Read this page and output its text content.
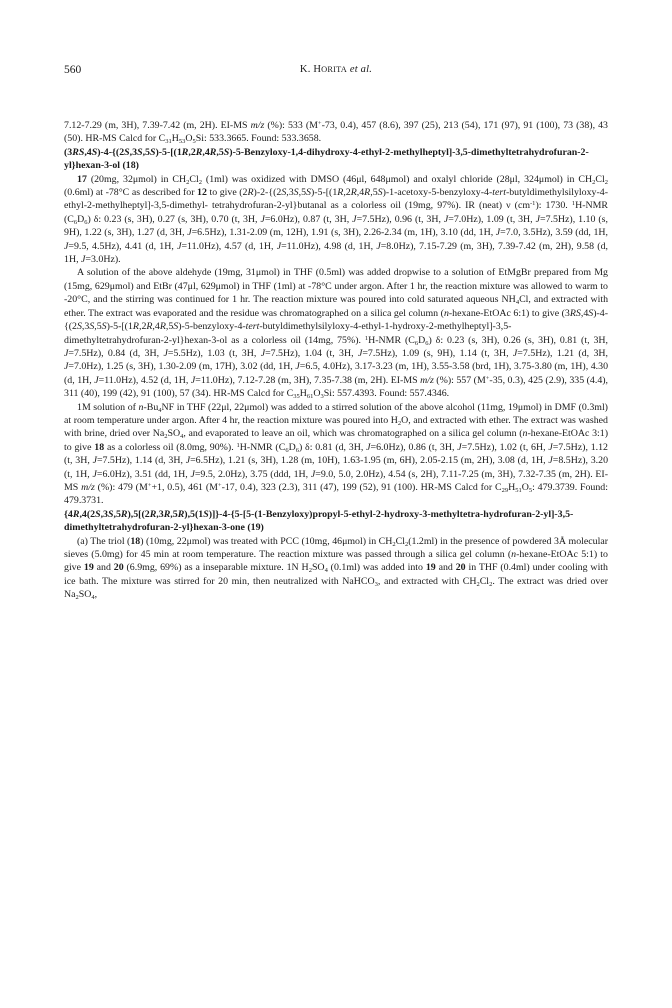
560	K. HORITA et al.

7.12-7.29 (m, 3H), 7.39-7.42 (m, 2H). EI-MS m/z (%): 533 (M+-73, 0.4), 457 (8.6), 397 (25), 213 (54), 171 (97), 91 (100), 73 (38), 43 (50). HR-MS Calcd for $C_{31}H_{53}O_5Si$: 533.3665. Found: 533.3658.

(3RS,4S)-4-{(2S,3S,5S)-5-[(1R,2R,4R,5S)-5-Benzyloxy-1,4-dihydroxy-4-ethyl-2-methylheptyl]-3,5-dimethyltetrahydrofuran-2-yl}hexan-3-ol (18)

17 (20mg, 32μmol) in $CH_2Cl_2$ (1ml) was oxidized with DMSO (46μl, 648μmol) and oxalyl chloride (28μl, 324μmol) in $CH_2Cl_2$ (0.6ml) at -78°C as described for 12 to give (2R)-2-{(2S,3S,5S)-5-[(1R,2R,4R,5S)-1-acetoxy-5-benzyloxy-4-tert-butyldimethylsilyloxy-4-ethyl-2-methylheptyl]-3,5-dimethyl- tetrahydrofuran-2-yl}butanal as a colorless oil (19mg, 97%). IR (neat) ν $(cm^{-1})$: 1730. $^1$H-NMR $(C_6D_6)$ δ: 0.23 (s, 3H), 0.27 (s, 3H), 0.70 (t, 3H, J=6.0Hz), 0.87 (t, 3H, J=7.5Hz), 0.96 (t, 3H, J=7.0Hz), 1.09 (t, 3H, J=7.5Hz), 1.10 (s, 9H), 1.22 (s, 3H), 1.27 (d, 3H, J=6.5Hz), 1.31-2.09 (m, 12H), 1.91 (s, 3H), 2.26-2.34 (m, 1H), 3.10 (dd, 1H, J=7.0, 3.5Hz), 3.59 (dd, 1H, J=9.5, 4.5Hz), 4.41 (d, 1H, J=11.0Hz), 4.57 (d, 1H, J=11.0Hz), 4.98 (d, 1H, J=8.0Hz), 7.15-7.29 (m, 3H), 7.39-7.42 (m, 2H), 9.58 (d, 1H, J=3.0Hz).

A solution of the above aldehyde (19mg, 31μmol) in THF (0.5ml) was added dropwise to a solution of EtMgBr prepared from Mg (15mg, 629μmol) and EtBr (47μl, 629μmol) in THF (1ml) at -78°C under argon. After 1 hr, the reaction mixture was allowed to warm to -20°C, and the stirring was continued for 1 hr. The reaction mixture was poured into cold saturated aqueous $NH_4Cl$, and extracted with ether. The extract was evaporated and the residue was chromatographed on a silica gel column (n-hexane-EtOAc 6:1) to give (3RS,4S)-4-{(2S,3S,5S)-5-[(1R,2R,4R,5S)-5-benzyloxy-4-tert-butyldimethylsilyloxy-4-ethyl-1-hydroxy-2-methylheptyl]-3,5-dimethyltetrahydrofuran-2-yl}hexan-3-ol as a colorless oil (14mg, 75%). $^1$H-NMR $(C_6D_6)$ δ: 0.23 (s, 3H), 0.26 (s, 3H), 0.81 (t, 3H, J=7.5Hz), 0.84 (d, 3H, J=5.5Hz), 1.03 (t, 3H, J=7.5Hz), 1.04 (t, 3H, J=7.5Hz), 1.09 (s, 9H), 1.14 (t, 3H, J=7.5Hz), 1.21 (d, 3H, J=7.0Hz), 1.25 (s, 3H), 1.30-2.09 (m, 17H), 3.02 (dd, 1H, J=6.5, 4.0Hz), 3.17-3.23 (m, 1H), 3.55-3.58 (brd, 1H), 3.75-3.80 (m, 1H), 4.30 (d, 1H, J=11.0Hz), 4.52 (d, 1H, J=11.0Hz), 7.12-7.28 (m, 3H), 7.35-7.38 (m, 2H). EI-MS m/z (%): 557 (M+-35, 0.3), 425 (2.9), 335 (4.4), 311 (40), 199 (42), 91 (100), 57 (34). HR-MS Calcd for $C_{35}H_{61}O_3Si$: 557.4393. Found: 557.4346.

1M solution of $n-Bu_4NF$ in THF (22μl, 22μmol) was added to a stirred solution of the above alcohol (11mg, 19μmol) in DMF (0.3ml) at room temperature under argon. After 4 hr, the reaction mixture was poured into $H_2O$, and extracted with ether. The extract was washed with brine, dried over $Na_2SO_4$, and evaporated to leave an oil, which was chromatographed on a silica gel column (n-hexane-EtOAc 3:1) to give 18 as a colorless oil (8.0mg, 90%). $^1$H-NMR $(C_6D_6)$ δ: 0.81 (d, 3H, J=6.0Hz), 0.86 (t, 3H, J=7.5Hz), 1.02 (t, 6H, J=7.5Hz), 1.12 (t, 3H, J=7.5Hz), 1.14 (d, 3H, J=6.5Hz), 1.21 (s, 3H), 1.28 (m, 10H), 1.63-1.95 (m, 6H), 2.05-2.15 (m, 2H), 3.08 (d, 1H, J=8.5Hz), 3.20 (t, 1H, J=6.0Hz), 3.51 (dd, 1H, J=9.5, 2.0Hz), 3.75 (ddd, 1H, J=9.0, 5.0, 2.0Hz), 4.54 (s, 2H), 7.11-7.25 (m, 3H), 7.32-7.35 (m, 2H). EI-MS m/z (%): 479 (M++1, 0.5), 461 (M+-17, 0.4), 323 (2.3), 311 (47), 199 (52), 91 (100). HR-MS Calcd for $C_{29}H_{51}O_5$: 479.3739. Found: 479.3731.

{4R,4(2S,3S,5R),5[(2R,3R,5R),5(1S)]}-4-{5-[5-(1-Benzyloxy)propyl-5-ethyl-2-hydroxy-3-methyltetra-hydrofuran-2-yl]-3,5-dimethyltetrahydrofuran-2-yl}hexan-3-one (19)

(a) The triol (18) (10mg, 22μmol) was treated with PCC (10mg, 46μmol) in $CH_2Cl_2(1.2ml)$ in the presence of powdered 3Å molecular sieves (5.0mg) for 45 min at room temperature. The reaction mixture was passed through a silica gel column (n-hexane-EtOAc 5:1) to give 19 and 20 (6.9mg, 69%) as a inseparable mixture. 1N $H_2SO_4$ (0.1ml) was added into 19 and 20 in THF (0.4ml) under cooling with ice bath. The mixture was stirred for 20 min, then neutralized with NaHCO$_3$, and extracted with $CH_2Cl_2$. The extract was dried over $Na_2SO_4$,
